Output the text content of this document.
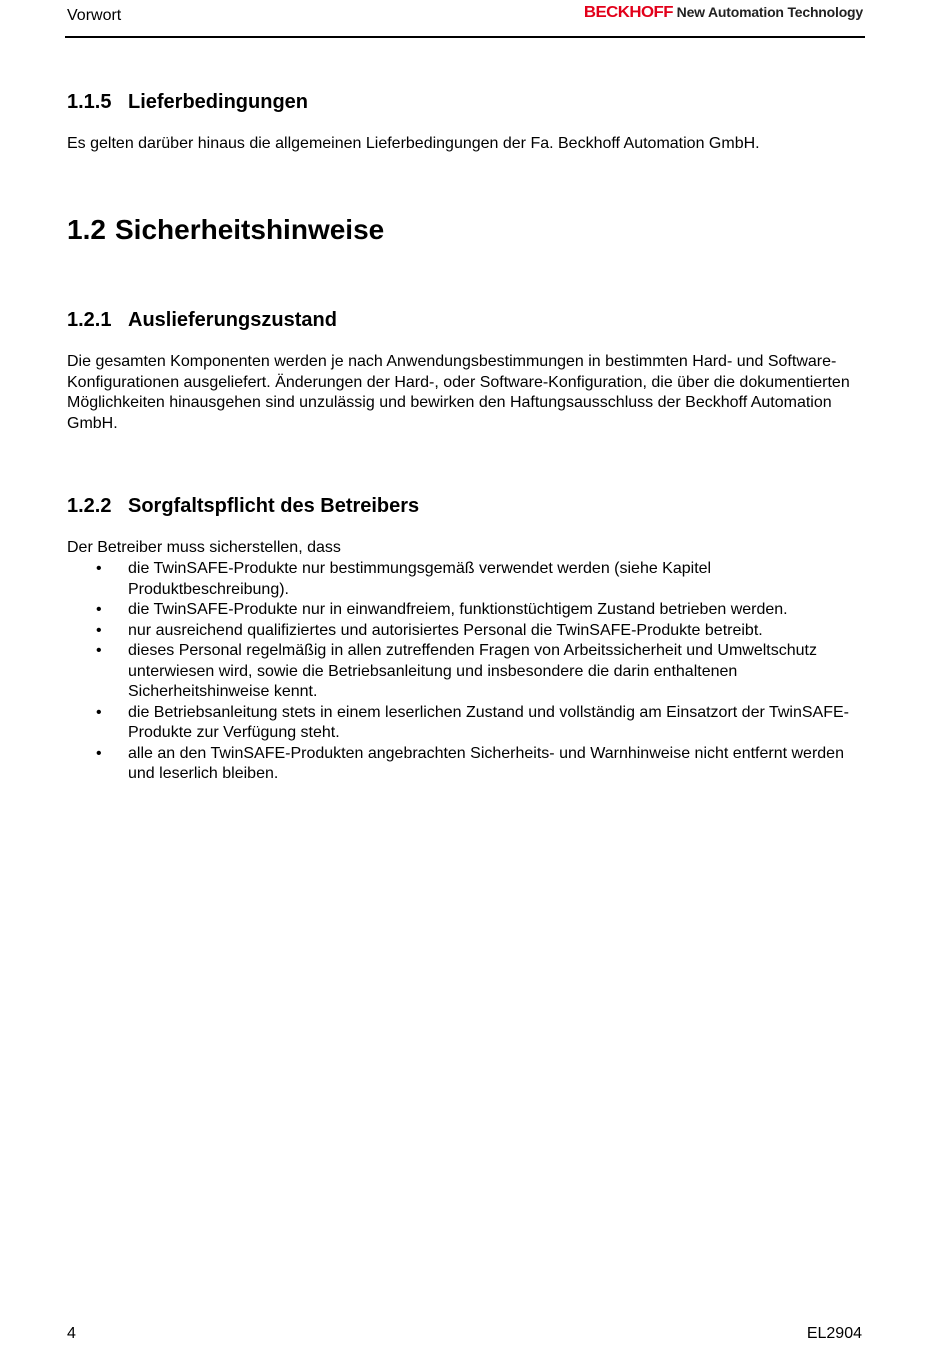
Vorwort	BECKHOFF New Automation Technology
1.1.5 Lieferbedingungen

Es gelten darüber hinaus die allgemeinen Lieferbedingungen der Fa. Beckhoff Automation GmbH.

1.2 Sicherheitshinweise
1.2.1 Auslieferungszustand

Die gesamten Komponenten werden je nach Anwendungsbestimmungen in bestimmten Hard- und Software-Konfigurationen ausgeliefert. Änderungen der Hard-, oder Software-Konfiguration, die über die dokumentierten Möglichkeiten hinausgehen sind unzulässig und bewirken den Haftungsausschluss der Beckhoff Automation GmbH.

1.2.2 Sorgfaltspflicht des Betreibers

Der Betreiber muss sicherstellen, dass

• die TwinSAFE-Produkte nur bestimmungsgemäß verwendet werden (siehe Kapitel Produktbeschreibung).
• die TwinSAFE-Produkte nur in einwandfreiem, funktionstüchtigem Zustand betrieben werden.
• nur ausreichend qualifiziertes und autorisiertes Personal die TwinSAFE-Produkte betreibt.
• dieses Personal regelmäßig in allen zutreffenden Fragen von Arbeitssicherheit und Umweltschutz unterwiesen wird, sowie die Betriebsanleitung und insbesondere die darin enthaltenen Sicherheitshinweise kennt.
• die Betriebsanleitung stets in einem leserlichen Zustand und vollständig am Einsatzort der TwinSAFE-Produkte zur Verfügung steht.
• alle an den TwinSAFE-Produkten angebrachten Sicherheits- und Warnhinweise nicht entfernt werden und leserlich bleiben.
4	EL2904
